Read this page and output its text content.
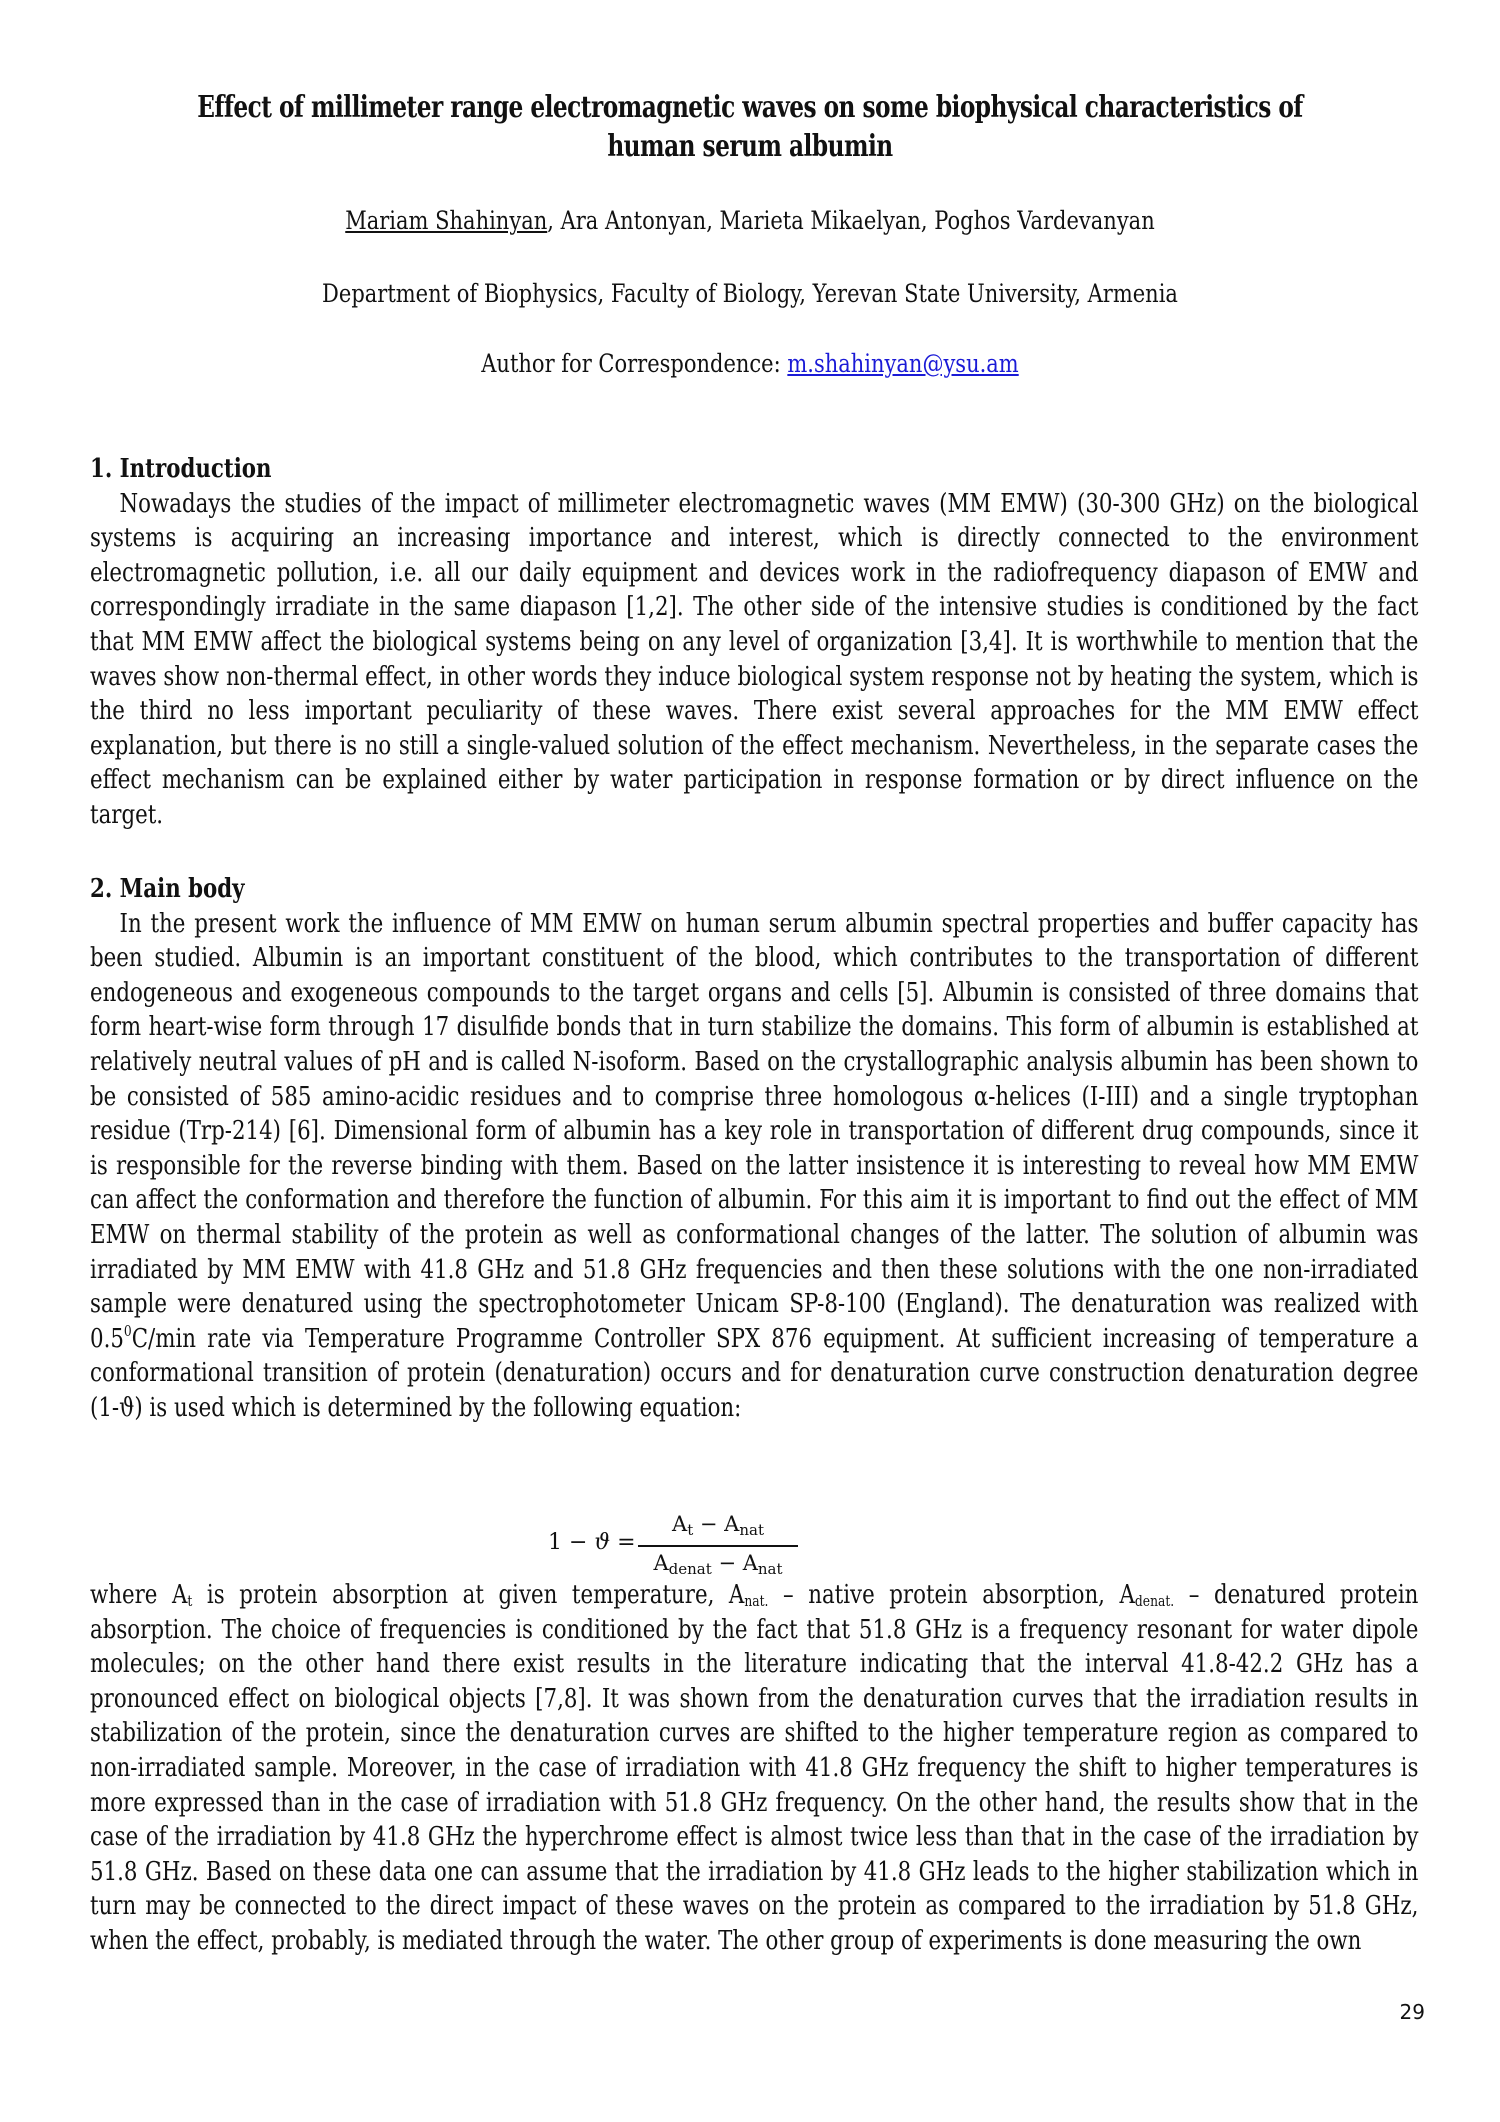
Effect of millimeter range electromagnetic waves on some biophysical characteristics of human serum albumin
Mariam Shahinyan, Ara Antonyan, Marieta Mikaelyan, Poghos Vardevanyan
Department of Biophysics, Faculty of Biology, Yerevan State University, Armenia
Author for Correspondence: m.shahinyan@ysu.am
1. Introduction

Nowadays the studies of the impact of millimeter electromagnetic waves (MM EMW) (30-300 GHz) on the biological systems is acquiring an increasing importance and interest, which is directly connected to the environment electromagnetic pollution, i.e. all our daily equipment and devices work in the radiofrequency diapason of EMW and correspondingly irradiate in the same diapason [1,2]. The other side of the intensive studies is conditioned by the fact that MM EMW affect the biological systems being on any level of organization [3,4]. It is worthwhile to mention that the waves show non-thermal effect, in other words they induce biological system response not by heating the system, which is the third no less important peculiarity of these waves. There exist several approaches for the MM EMW effect explanation, but there is no still a single-valued solution of the effect mechanism. Nevertheless, in the separate cases the effect mechanism can be explained either by water participation in response formation or by direct influence on the target.

2. Main body

In the present work the influence of MM EMW on human serum albumin spectral properties and buffer capacity has been studied. Albumin is an important constituent of the blood, which contributes to the transportation of different endogeneous and exogeneous compounds to the target organs and cells [5]. Albumin is consisted of three domains that form heart-wise form through 17 disulfide bonds that in turn stabilize the domains. This form of albumin is established at relatively neutral values of pH and is called N-isoform. Based on the crystallographic analysis albumin has been shown to be consisted of 585 amino-acidic residues and to comprise three homologous α-helices (I-III) and a single tryptophan residue (Trp-214) [6]. Dimensional form of albumin has a key role in transportation of different drug compounds, since it is responsible for the reverse binding with them. Based on the latter insistence it is interesting to reveal how MM EMW can affect the conformation and therefore the function of albumin. For this aim it is important to find out the effect of MM EMW on thermal stability of the protein as well as conformational changes of the latter. The solution of albumin was irradiated by MM EMW with 41.8 GHz and 51.8 GHz frequencies and then these solutions with the one non-irradiated sample were denatured using the spectrophotometer Unicam SP-8-100 (England). The denaturation was realized with $0.5^0C/\min$ rate via Temperature Programme Controller SPX 876 equipment. At sufficient increasing of temperature a conformational transition of protein (denaturation) occurs and for denaturation curve construction denaturation degree (1-ϑ) is used which is determined by the following equation:

1 − ϑ =
At − Anat
Adenat − Anat

where $A_t$ is protein absorption at given temperature, $A_{nat.}$ – native protein absorption, $A_{denat.}$ – denatured protein absorption. The choice of frequencies is conditioned by the fact that 51.8 GHz is a frequency resonant for water dipole molecules; on the other hand there exist results in the literature indicating that the interval 41.8-42.2 GHz has a pronounced effect on biological objects [7,8]. It was shown from the denaturation curves that the irradiation results in stabilization of the protein, since the denaturation curves are shifted to the higher temperature region as compared to non-irradiated sample. Moreover, in the case of irradiation with 41.8 GHz frequency the shift to higher temperatures is more expressed than in the case of irradiation with 51.8 GHz frequency. On the other hand, the results show that in the case of the irradiation by 41.8 GHz the hyperchrome effect is almost twice less than that in the case of the irradiation by 51.8 GHz. Based on these data one can assume that the irradiation by 41.8 GHz leads to the higher stabilization which in turn may be connected to the direct impact of these waves on the protein as compared to the irradiation by 51.8 GHz, when the effect, probably, is mediated through the water. The other group of experiments is done measuring the own

29
